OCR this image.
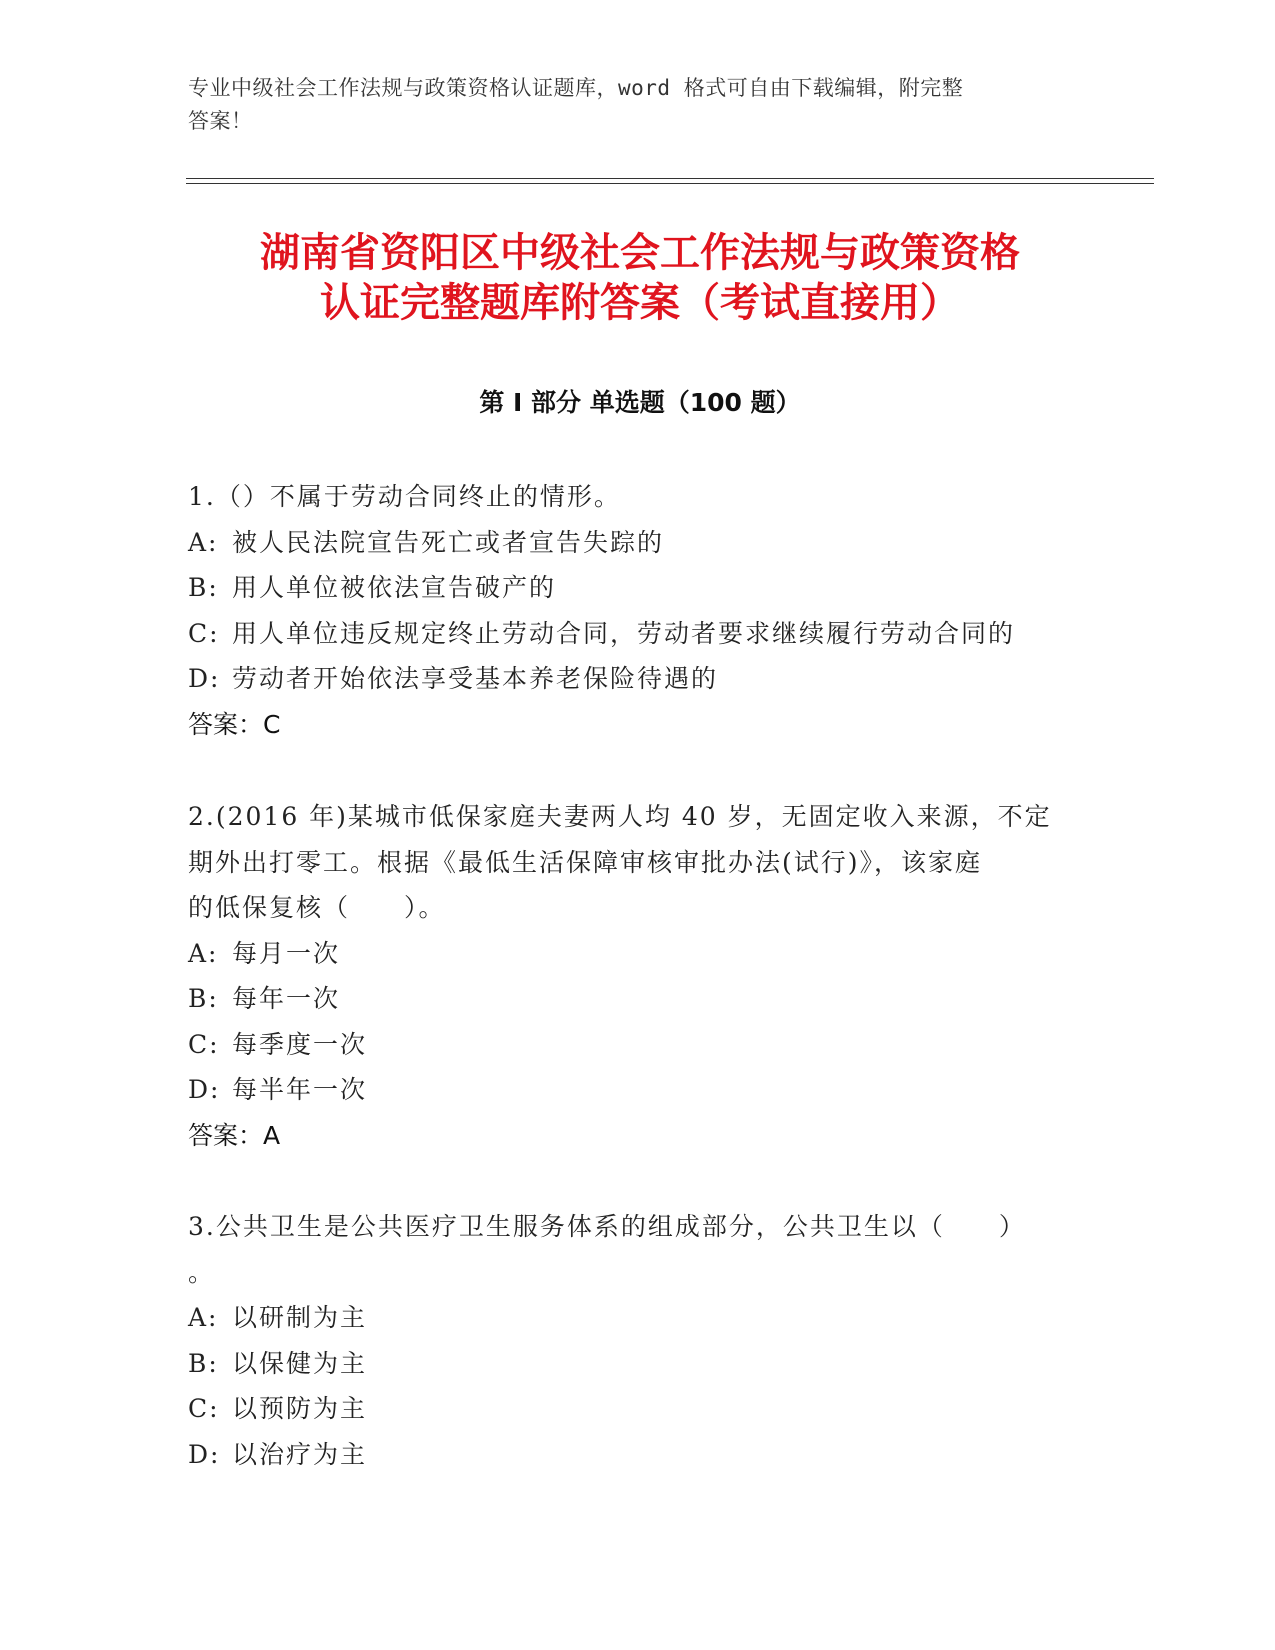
专业中级社会工作法规与政策资格认证题库，word 格式可自由下载编辑，附完整
答案！
湖南省资阳区中级社会工作法规与政策资格
认证完整题库附答案（考试直接用）
第 I 部分 单选题（100 题）

1.（）不属于劳动合同终止的情形。

A: 被人民法院宣告死亡或者宣告失踪的

B: 用人单位被依法宣告破产的

C: 用人单位违反规定终止劳动合同，劳动者要求继续履行劳动合同的

D: 劳动者开始依法享受基本养老保险待遇的

答案：C

2.(2016 年)某城市低保家庭夫妻两人均 40 岁，无固定收入来源，不定

期外出打零工。根据《最低生活保障审核审批办法(试行)》，该家庭

的低保复核（　　）。

A: 每月一次

B: 每年一次

C: 每季度一次

D: 每半年一次

答案：A

3.公共卫生是公共医疗卫生服务体系的组成部分，公共卫生以（　　）

。

A: 以研制为主

B: 以保健为主

C: 以预防为主

D: 以治疗为主
